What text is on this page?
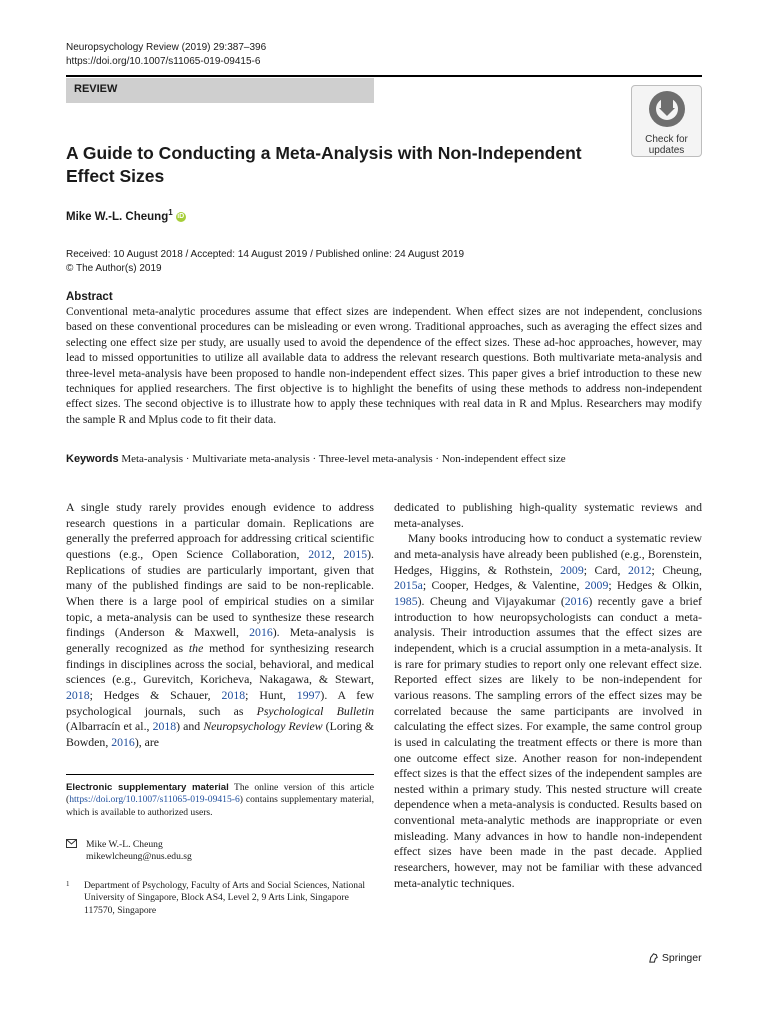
Neuropsychology Review (2019) 29:387–396
https://doi.org/10.1007/s11065-019-09415-6
REVIEW
Check for
updates
A Guide to Conducting a Meta-Analysis with Non-Independent
Effect Sizes
Mike W.-L. Cheung$^1$ iD
Received: 10 August 2018 / Accepted: 14 August 2019 / Published online: 24 August 2019
© The Author(s) 2019
Abstract
Conventional meta-analytic procedures assume that effect sizes are independent. When effect sizes are not independent, conclusions based on these conventional procedures can be misleading or even wrong. Traditional approaches, such as averaging the effect sizes and selecting one effect size per study, are usually used to avoid the dependence of the effect sizes. These ad-hoc approaches, however, may lead to missed opportunities to utilize all available data to address the relevant research questions. Both multivariate meta-analysis and three-level meta-analysis have been proposed to handle non-independent effect sizes. This paper gives a brief introduction to these new techniques for applied researchers. The first objective is to highlight the benefits of using these methods to address non-independent effect sizes. The second objective is to illustrate how to apply these techniques with real data in R and Mplus. Researchers may modify the sample R and Mplus code to fit their data.
Keywords Meta-analysis · Multivariate meta-analysis · Three-level meta-analysis · Non-independent effect size

A single study rarely provides enough evidence to address research questions in a particular domain. Replications are generally the preferred approach for addressing critical scientific questions (e.g., Open Science Collaboration, 2012, 2015). Replications of studies are particularly important, given that many of the published findings are said to be non-replicable. When there is a large pool of empirical studies on a similar topic, a meta-analysis can be used to synthesize these research findings (Anderson & Maxwell, 2016). Meta-analysis is generally recognized as the method for synthesizing research findings in disciplines across the social, behavioral, and medical sciences (e.g., Gurevitch, Koricheva, Nakagawa, & Stewart, 2018; Hedges & Schauer, 2018; Hunt, 1997). A few psychological journals, such as Psychological Bulletin (Albarracín et al., 2018) and Neuropsychology Review (Loring & Bowden, 2016), are

Electronic supplementary material The online version of this article (https://doi.org/10.1007/s11065-019-09415-6) contains supplementary material, which is available to authorized users.
Mike W.-L. Cheung
mikewlcheung@nus.edu.sg
1 Department of Psychology, Faculty of Arts and Social Sciences, National University of Singapore, Block AS4, Level 2, 9 Arts Link, Singapore 117570, Singapore

dedicated to publishing high-quality systematic reviews and meta-analyses.

Many books introducing how to conduct a systematic review and meta-analysis have already been published (e.g., Borenstein, Hedges, Higgins, & Rothstein, 2009; Card, 2012; Cheung, 2015a; Cooper, Hedges, & Valentine, 2009; Hedges & Olkin, 1985). Cheung and Vijayakumar (2016) recently gave a brief introduction to how neuropsychologists can conduct a meta-analysis. Their introduction assumes that the effect sizes are independent, which is a crucial assumption in a meta-analysis. It is rare for primary studies to report only one relevant effect size. Reported effect sizes are likely to be non-independent for various reasons. The sampling errors of the effect sizes may be correlated because the same participants are involved in calculating the effect sizes. For example, the same control group is used in calculating the treatment effects or there is more than one outcome effect size. Another reason for non-independent effect sizes is that the effect sizes of the independent samples are nested within a primary study. This nested structure will create dependence when a meta-analysis is conducted. Results based on conventional meta-analytic methods are inappropriate or even misleading. Many advances in how to handle non-independent effect sizes have been made in the past decade. Applied researchers, however, may not be familiar with these advanced meta-analytic techniques.

Springer
